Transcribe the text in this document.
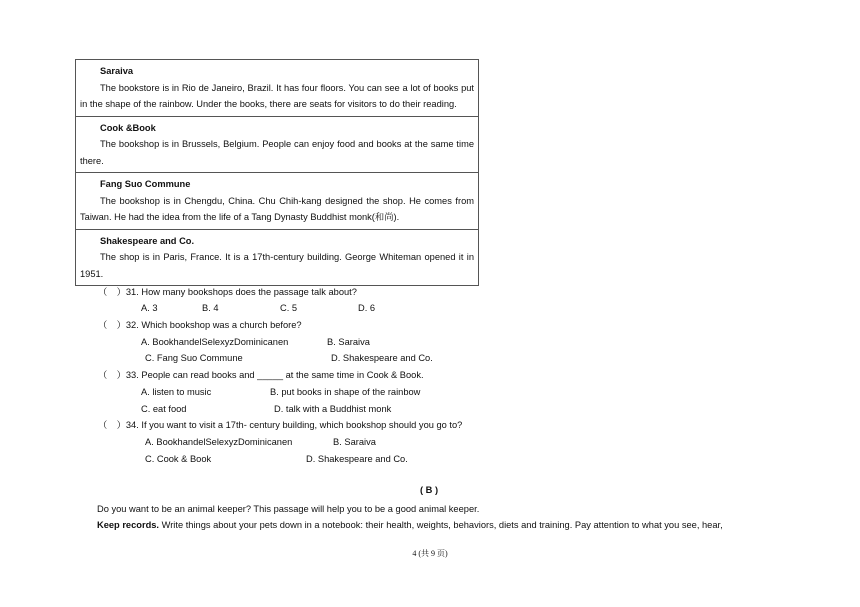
Saraiva
The bookstore is in Rio de Janeiro, Brazil. It has four floors. You can see a lot of books put in the shape of the rainbow. Under the books, there are seats for visitors to do their reading.
Cook &Book
The bookshop is in Brussels, Belgium. People can enjoy food and books at the same time there.
Fang Suo Commune
The bookshop is in Chengdu, China. Chu Chih-kang designed the shop. He comes from Taiwan. He had the idea from the life of a Tang Dynasty Buddhist monk(和尚).
Shakespeare and Co.
The shop is in Paris, France. It is a 17th-century building. George Whiteman opened it in 1951.
（　）31. How many bookshops does the passage talk about?
A. 3	B. 4	C. 5	D. 6
（　）32. Which bookshop was a church before?
A. BookhandelSelexyzDominicanen	B. Saraiva
C. Fang Suo Commune	D. Shakespeare and Co.
（　）33. People can read books and _____ at the same time in Cook & Book.
A. listen to music	B. put books in shape of the rainbow
C. eat food	D. talk with a Buddhist monk
（　）34. If you want to visit a 17th- century building, which bookshop should you go to?
A. BookhandelSelexyzDominicanen	B. Saraiva
C. Cook & Book	D. Shakespeare and Co.
( B )
Do you want to be an animal keeper? This passage will help you to be a good animal keeper.
Keep records. Write things about your pets down in a notebook: their health, weights, behaviors, diets and training. Pay attention to what you see, hear,
4 (共 9 页)
